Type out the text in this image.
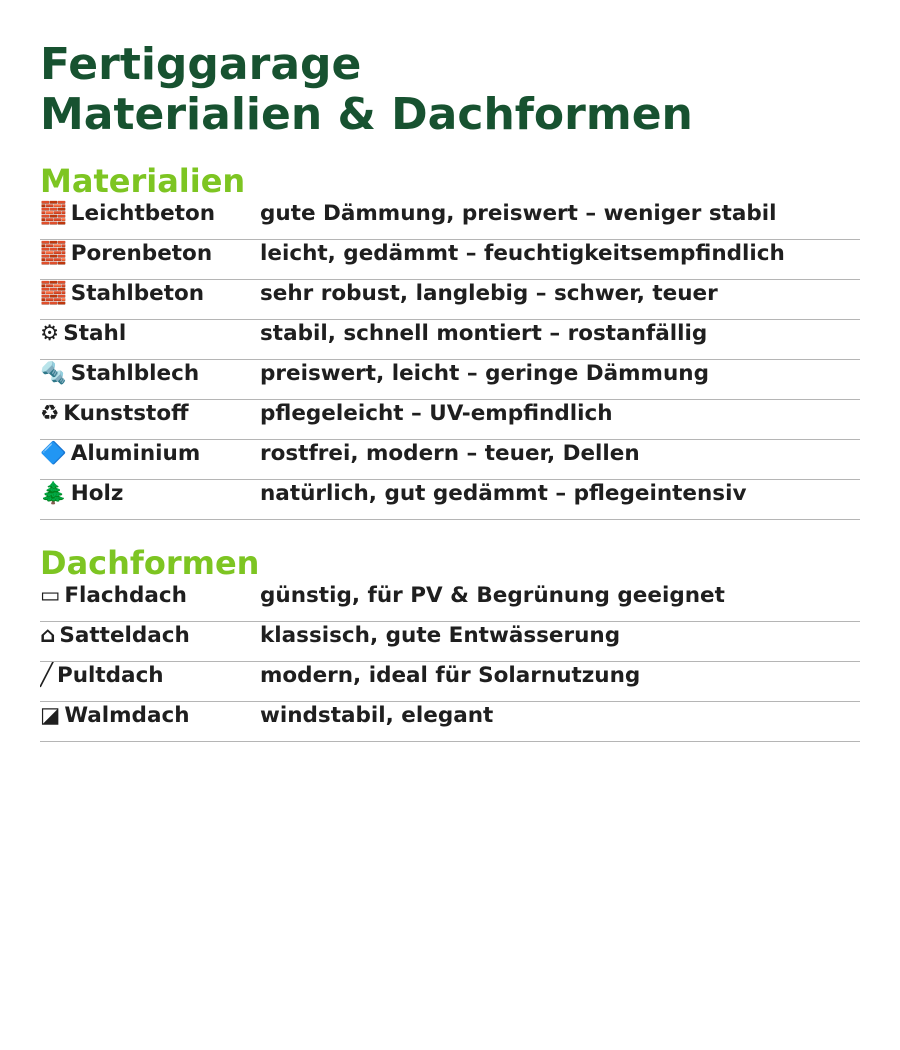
Fertiggarage
Materialien & Dachformen
Materialien
🧱 Leichtbeton	gute Dämmung, preiswert – weniger stabil
🧱 Porenbeton	leicht, gedämmt – feuchtigkeitsempfindlich
🧱 Stahlbeton	sehr robust, langlebig – schwer, teuer
⚙ Stahl	stabil, schnell montiert – rostanfällig
🔩 Stahlblech	preiswert, leicht – geringe Dämmung
♻ Kunststoff	pflegeleicht – UV-empfindlich
🔷 Aluminium	rostfrei, modern – teuer, Dellen
🌲 Holz	natürlich, gut gedämmt – pflegeintensiv
Dachformen
▭ Flachdach	günstig, für PV & Begrünung geeignet
⌂ Satteldach	klassisch, gute Entwässerung
╱ Pultdach	modern, ideal für Solarnutzung
◪ Walmdach	windstabil, elegant
